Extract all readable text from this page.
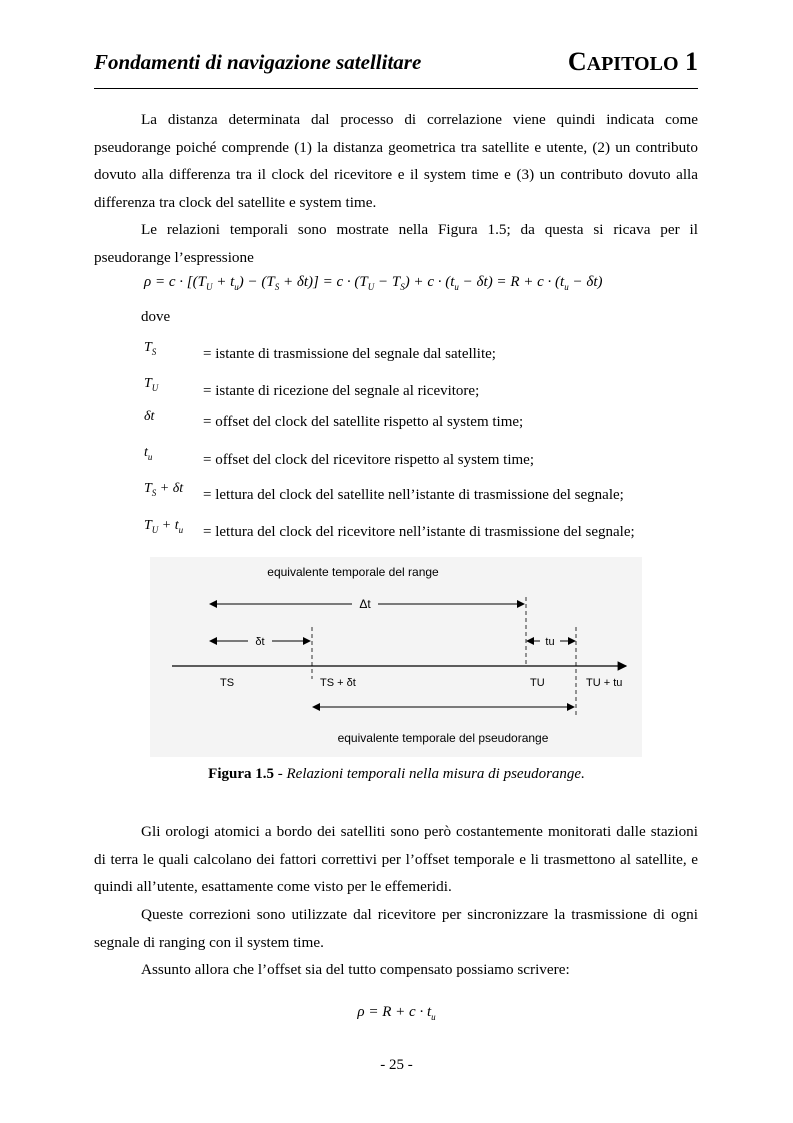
Fondamenti di navigazione satellitare	CAPITOLO 1
La distanza determinata dal processo di correlazione viene quindi indicata come pseudorange poiché comprende (1) la distanza geometrica tra satellite e utente, (2) un contributo dovuto alla differenza tra il clock del ricevitore e il system time e (3) un contributo dovuto alla differenza tra clock del satellite e system time.
Le relazioni temporali sono mostrate nella Figura 1.5; da questa si ricava per il pseudorange l’espressione
$\rho = c \cdot [(T_U + t_u) - (T_S + \delta t)] = c \cdot (T_U - T_S) + c \cdot (t_u - \delta t) = R + c \cdot (t_u - \delta t)$
dove
$T_S$	= istante di trasmissione del segnale dal satellite;
$T_U$	= istante di ricezione del segnale al ricevitore;
δt	= offset del clock del satellite rispetto al system time;
$t_u$	= offset del clock del ricevitore rispetto al system time;
$T_S + \delta t$ = lettura del clock del satellite nell’istante di trasmissione del segnale;
$T_U + t_u$ = lettura del clock del ricevitore nell’istante di trasmissione del segnale;
equivalente temporale del range
Δt
δt	tu
TS	TS + δt	TU	TU + tu
equivalente temporale del pseudorange
Figura 1.5 - Relazioni temporali nella misura di pseudorange.
Gli orologi atomici a bordo dei satelliti sono però costantemente monitorati dalle stazioni di terra le quali calcolano dei fattori correttivi per l’offset temporale e li trasmettono al satellite, e quindi all’utente, esattamente come visto per le effemeridi.
Queste correzioni sono utilizzate dal ricevitore per sincronizzare la trasmissione di ogni segnale di ranging con il system time.
Assunto allora che l’offset sia del tutto compensato possiamo scrivere:
$\rho = R + c \cdot t_u$
- 25 -
